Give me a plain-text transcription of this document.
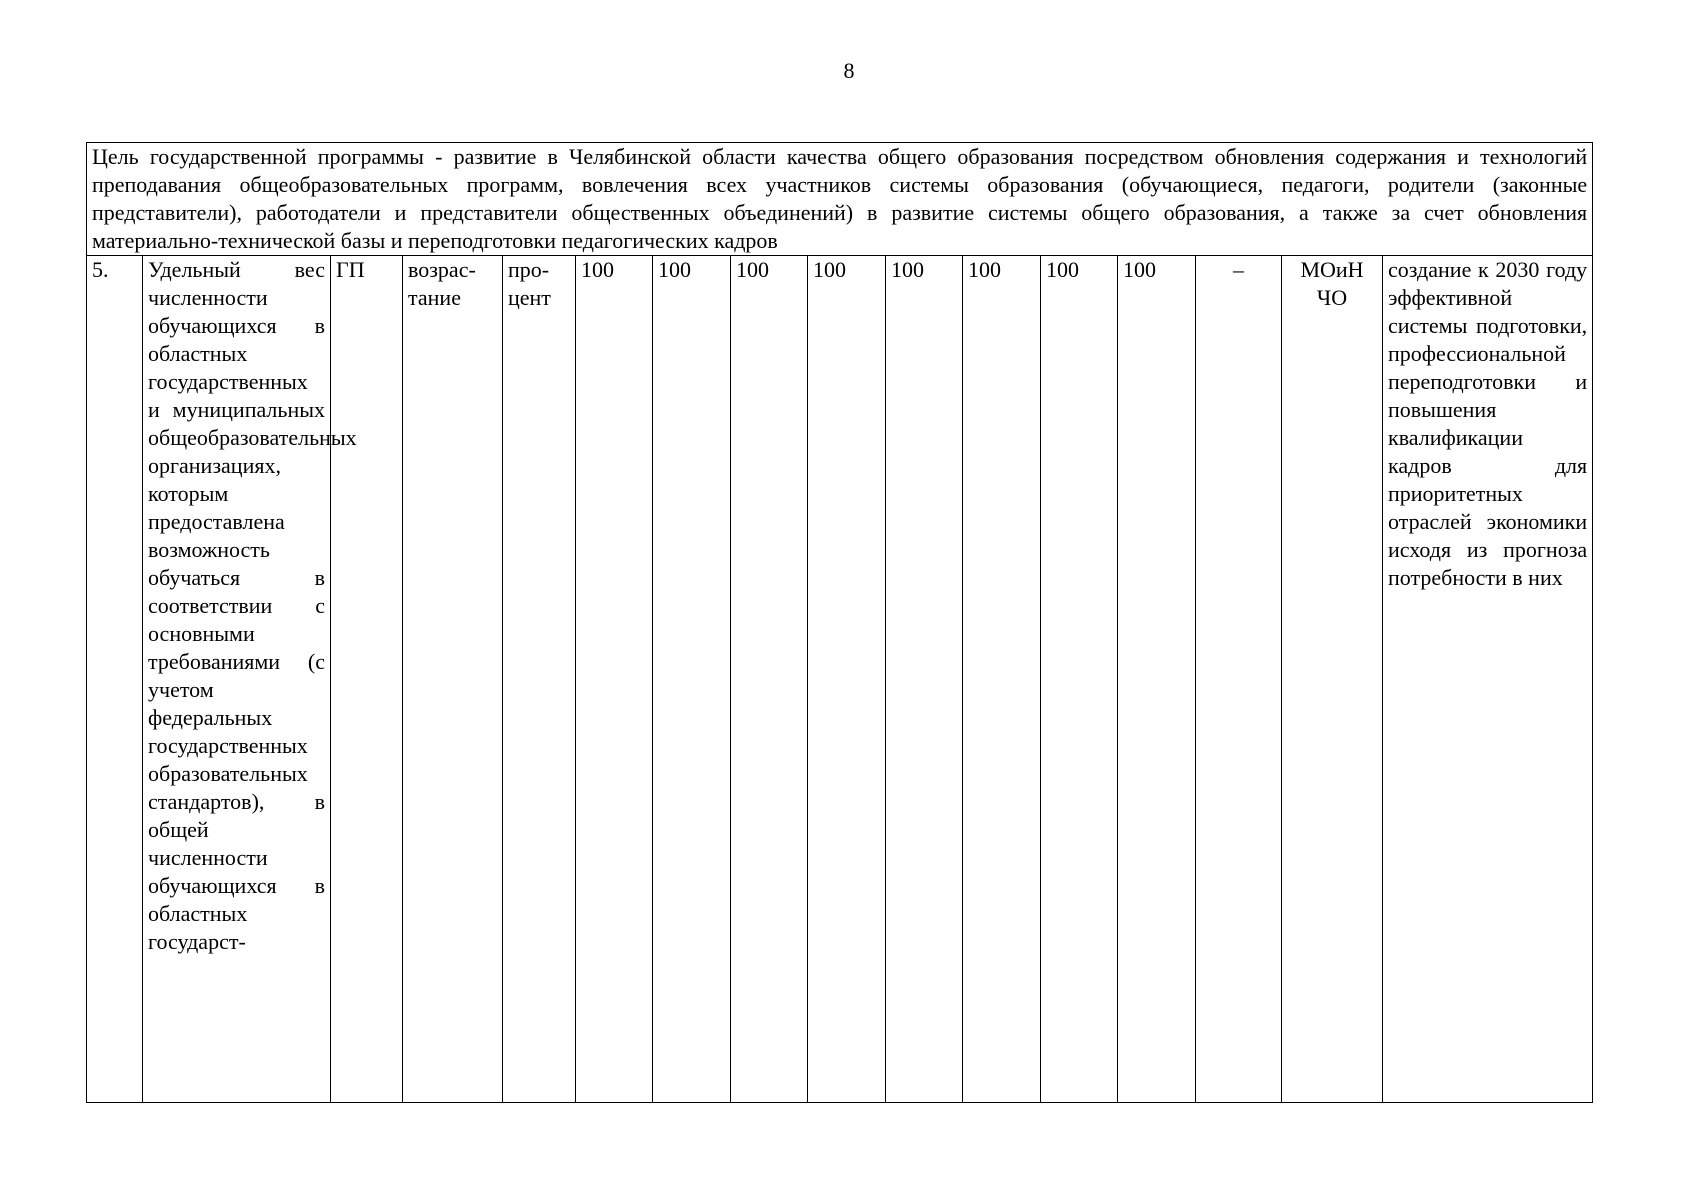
8
Цель государственной программы - развитие в Челябинской области качества общего образования посредством обновления содержания и технологий преподавания общеобразовательных программ, вовлечения всех участников системы образования (обучающиеся, педагоги, родители (законные представители), работодатели и представители общественных объединений) в развитие системы общего образования, а также за счет обновления материально-технической базы и переподготовки педагогических кадров
5.	Удельный вес численности обучающихся в областных государственных и муниципальных общеобразовательных организациях, которым предоставлена возможность обучаться в соответствии с основными требованиями (с учетом федеральных государственных образовательных стандартов), в общей численности обучающихся в областных государст-	ГП	возрастание	процент	100	100	100	100	100	100	100	100	–	МОиН ЧО	создание к 2030 году эффективной системы подготовки, профессиональной переподготовки и повышения квалификации кадров для приоритетных отраслей экономики исходя из прогноза потребности в них
